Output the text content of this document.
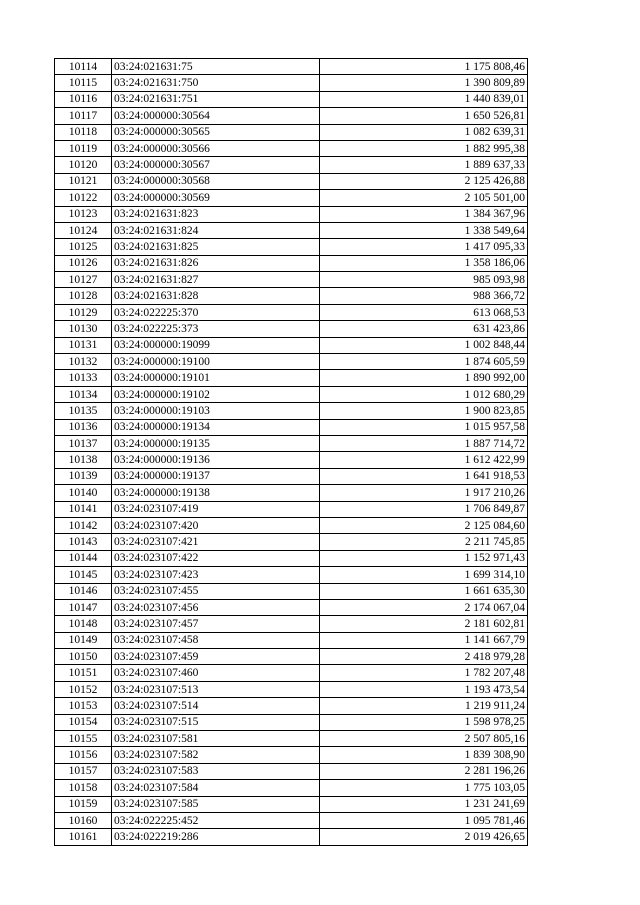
10114	03:24:021631:75	1 175 808,46
10115	03:24:021631:750	1 390 809,89
10116	03:24:021631:751	1 440 839,01
10117	03:24:000000:30564	1 650 526,81
10118	03:24:000000:30565	1 082 639,31
10119	03:24:000000:30566	1 882 995,38
10120	03:24:000000:30567	1 889 637,33
10121	03:24:000000:30568	2 125 426,88
10122	03:24:000000:30569	2 105 501,00
10123	03:24:021631:823	1 384 367,96
10124	03:24:021631:824	1 338 549,64
10125	03:24:021631:825	1 417 095,33
10126	03:24:021631:826	1 358 186,06
10127	03:24:021631:827	985 093,98
10128	03:24:021631:828	988 366,72
10129	03:24:022225:370	613 068,53
10130	03:24:022225:373	631 423,86
10131	03:24:000000:19099	1 002 848,44
10132	03:24:000000:19100	1 874 605,59
10133	03:24:000000:19101	1 890 992,00
10134	03:24:000000:19102	1 012 680,29
10135	03:24:000000:19103	1 900 823,85
10136	03:24:000000:19134	1 015 957,58
10137	03:24:000000:19135	1 887 714,72
10138	03:24:000000:19136	1 612 422,99
10139	03:24:000000:19137	1 641 918,53
10140	03:24:000000:19138	1 917 210,26
10141	03:24:023107:419	1 706 849,87
10142	03:24:023107:420	2 125 084,60
10143	03:24:023107:421	2 211 745,85
10144	03:24:023107:422	1 152 971,43
10145	03:24:023107:423	1 699 314,10
10146	03:24:023107:455	1 661 635,30
10147	03:24:023107:456	2 174 067,04
10148	03:24:023107:457	2 181 602,81
10149	03:24:023107:458	1 141 667,79
10150	03:24:023107:459	2 418 979,28
10151	03:24:023107:460	1 782 207,48
10152	03:24:023107:513	1 193 473,54
10153	03:24:023107:514	1 219 911,24
10154	03:24:023107:515	1 598 978,25
10155	03:24:023107:581	2 507 805,16
10156	03:24:023107:582	1 839 308,90
10157	03:24:023107:583	2 281 196,26
10158	03:24:023107:584	1 775 103,05
10159	03:24:023107:585	1 231 241,69
10160	03:24:022225:452	1 095 781,46
10161	03:24:022219:286	2 019 426,65
